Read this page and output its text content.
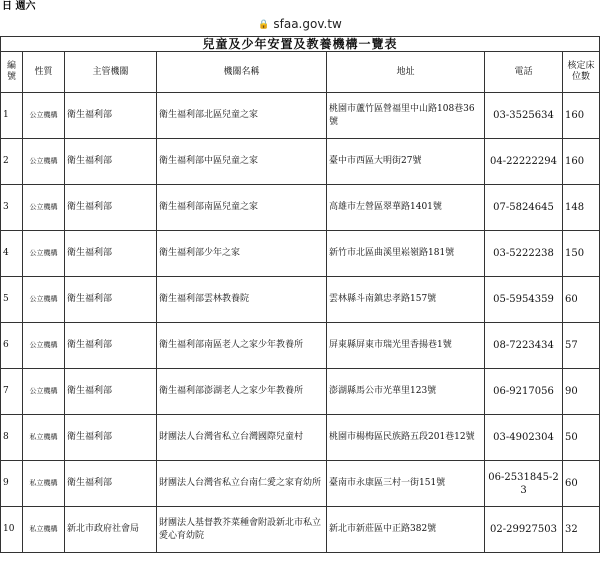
日 週六
🔒 sfaa.gov.tw
兒童及少年安置及教養機構一覽表						
編號	性質	主管機關	機關名稱	地址	電話	核定床位數
1	公立機構	衛生福利部	衛生福利部北區兒童之家	桃園市蘆竹區營福里中山路108巷36號	03-3525634	160
2	公立機構	衛生福利部	衛生福利部中區兒童之家	臺中市西區大明街27號	04-22222294	160
3	公立機構	衛生福利部	衛生福利部南區兒童之家	高雄市左營區翠華路1401號	07-5824645	148
4	公立機構	衛生福利部	衛生福利部少年之家	新竹市北區曲溪里崧嶺路181號	03-5222238	150
5	公立機構	衛生福利部	衛生福利部雲林教養院	雲林縣斗南鎮忠孝路157號	05-5954359	60
6	公立機構	衛生福利部	衛生福利部南區老人之家少年教養所	屏東縣屏東市瑞光里香揚巷1號	08-7223434	57
7	公立機構	衛生福利部	衛生福利部澎湖老人之家少年教養所	澎湖縣馬公市光華里123號	06-9217056	90
8	私立機構	衛生福利部	財團法人台灣省私立台灣國際兒童村	桃園市楊梅區民族路五段201巷12號	03-4902304	50
9	私立機構	衛生福利部	財團法人台灣省私立台南仁愛之家育幼所	臺南市永康區三村一街151號	06-2531845-23	60
10	私立機構	新北市政府社會局	財團法人基督教芥菜種會附設新北市私立愛心育幼院	新北市新莊區中正路382號	02-29927503	32
